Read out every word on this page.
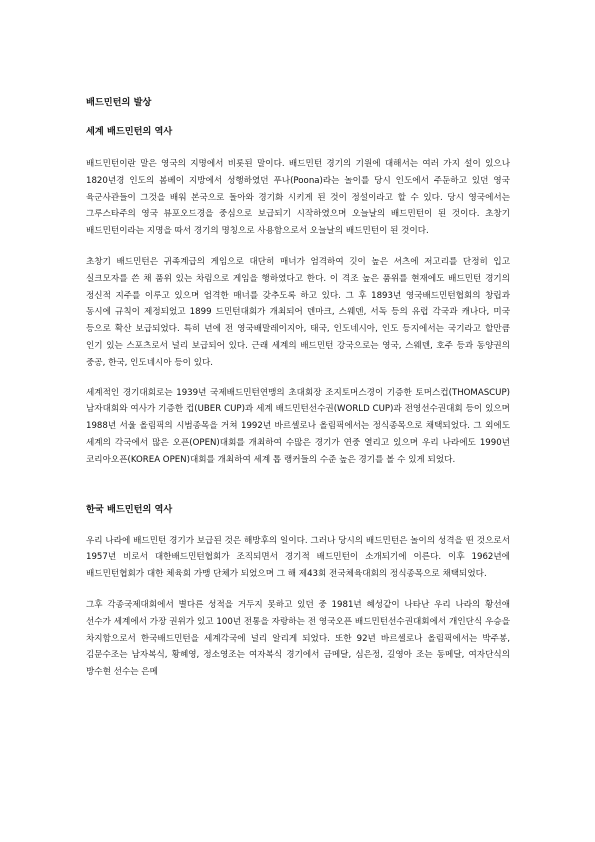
배드민턴의 발상

세계 배드민턴의 역사

배드민턴이란 말은 영국의 지명에서 비롯된 말이다. 배드민턴 경기의 기원에 대해서는 여러 가지 설이 있으나 1820년경 인도의 봄베이 지방에서 성행하였던 푸나(Poona)라는 놀이를 당시 인도에서 주둔하고 있던 영국 육군사관들이 그것을 배워 본국으로 돌아와 경기화 시키게 된 것이 정설이라고 할 수 있다. 당시 영국에서는 그루스타주의 영국 뷰포오드경을 중심으로 보급되기 시작하였으며 오늘날의 배드민턴이 된 것이다. 초창기 배드민턴이라는 지명을 따서 경기의 명칭으로 사용함으로서 오늘날의 배드민턴이 된 것이다.

초창기 배드민턴은 귀족계급의 게임으로 대단히 매너가 엄격하여 깃이 높은 셔츠에 저고리를 단정히 입고 실크모자를 쓴 채 품위 있는 차림으로 게임을 행하였다고 한다. 이 격조 높은 품위를 현재에도 배드민턴 경기의 정신적 지주를 이루고 있으며 엄격한 매너를 갖추도록 하고 있다. 그 후 1893년 영국배드민턴협회의 창립과 동시에 규칙이 제정되었고 1899 드민턴대회가 개최되어 덴마크, 스웨덴, 서독 등의 유럽 각국과 캐나다, 미국 등으로 확산 보급되었다. 특히 년에 전 영국배말레이지아, 태국, 인도네시아, 인도 등지에서는 국기라고 할만큼 인기 있는 스포츠로서 널리 보급되어 있다. 근래 세계의 배드민턴 강국으로는 영국, 스웨덴, 호주 등과 동양권의 중공, 한국, 인도네시아 등이 있다.

세계적인 경기대회로는 1939년 국제배드민턴연맹의 초대회장 조지토머스경이 기증한 토머스컵(THOMASCUP)남자대회와 여사가 기증한 컵(UBER CUP)과 세계 배드민턴선수권(WORLD CUP)과 전영선수권대회 등이 있으며 1988년 서울 올림픽의 시범종목을 거쳐 1992년 바르셀로나 올림픽에서는 정식종목으로 채택되었다. 그 외에도 세계의 각국에서 많은 오픈(OPEN)대회를 개최하여 수많은 경기가 연중 열리고 있으며 우리 나라에도 1990년 코리아오픈(KOREA OPEN)대회를 개최하여 세계 톱 랭커들의 수준 높은 경기를 볼 수 있게 되었다.

한국 배드민턴의 역사

우리 나라에 배드민턴 경기가 보급된 것은 해방후의 일이다. 그러나 당시의 배드민턴은 놀이의 성격을 띤 것으로서 1957년 비로서 대한배드민턴협회가 조직되면서 경기적 배드민턴이 소개되기에 이른다. 이후 1962년에 배드민턴협회가 대한 체육회 가맹 단체가 되었으며 그 해 제43회 전국체육대회의 정식종목으로 채택되었다.

그후 각종국제대회에서 별다른 성적을 거두지 못하고 있던 중 1981년 혜성같이 나타난 우리 나라의 황선애 선수가 세계에서 가장 권위가 있고 100년 전통을 자랑하는 전 영국오픈 배드민턴선수권대회에서 개인단식 우승을 차지함으로서 한국배드민턴을 세계각국에 널리 알리게 되었다. 또한 92년 바르셀로나 올림픽에서는 박주봉, 김문수조는 남자복식, 황혜영, 정소영조는 여자복식 경기에서 금메달, 심은정, 길영아 조는 동메달, 여자단식의 방수현 선수는 은메
